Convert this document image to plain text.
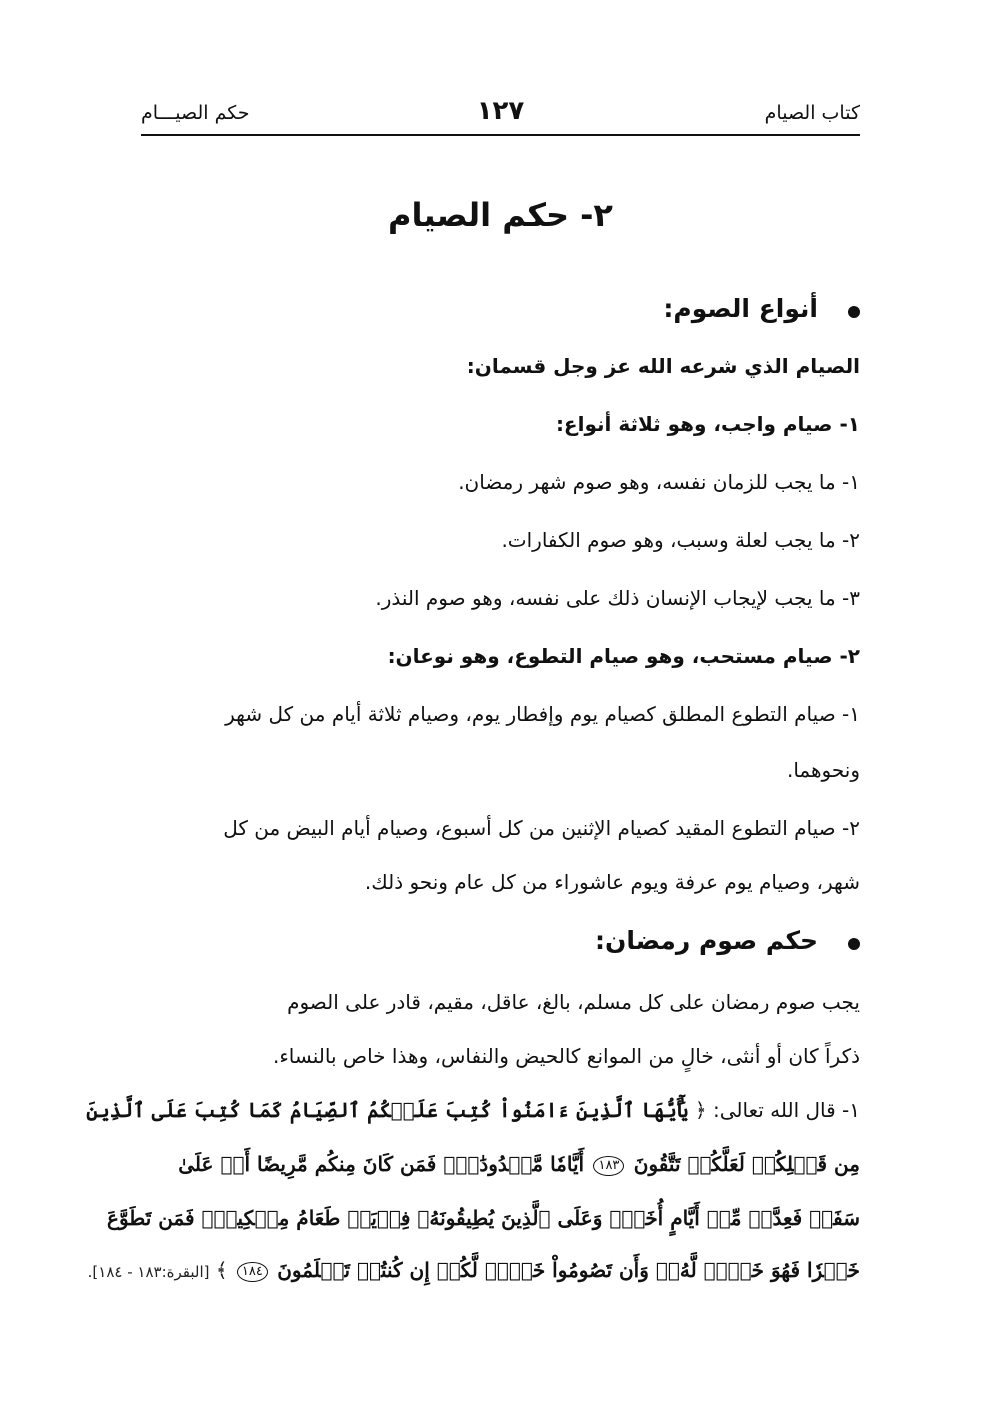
كتاب الصيام
١٢٧
حكم الصيـــام
٢- حكم الصيام
أنواع الصوم:
الصيام الذي شرعه الله عز وجل قسمان:
١- صيام واجب، وهو ثلاثة أنواع:
١- ما يجب للزمان نفسه، وهو صوم شهر رمضان.
٢- ما يجب لعلة وسبب، وهو صوم الكفارات.
٣- ما يجب لإيجاب الإنسان ذلك على نفسه، وهو صوم النذر.
٢- صيام مستحب، وهو صيام التطوع، وهو نوعان:
١- صيام التطوع المطلق كصيام يوم وإفطار يوم، وصيام ثلاثة أيام من كل شهر
ونحوهما.
٢- صيام التطوع المقيد كصيام الإثنين من كل أسبوع، وصيام أيام البيض من كل
شهر، وصيام يوم عرفة ويوم عاشوراء من كل عام ونحو ذلك.
حكم صوم رمضان:
يجب صوم رمضان على كل مسلم، بالغ، عاقل، مقيم، قادر على الصوم
ذكراً كان أو أنثى، خالٍ من الموانع كالحيض والنفاس، وهذا خاص بالنساء.
١- قال الله تعالى: ﴿ يَٰٓأَيُّهَا ٱلَّذِينَ ءَامَنُواْ كُتِبَ عَلَيۡكُمُ ٱلصِّيَامُ كَمَا كُتِبَ عَلَى ٱلَّذِينَ
مِن قَبۡلِكُمۡ لَعَلَّكُمۡ تَتَّقُونَ ١٨٣ أَيَّامٗا مَّعۡدُودَٰتٖۚ فَمَن كَانَ مِنكُم مَّرِيضًا أَوۡ عَلَىٰ
سَفَرٖ فَعِدَّةٞ مِّنۡ أَيَّامٍ أُخَرَۚ وَعَلَى ٱلَّذِينَ يُطِيقُونَهُۥ فِدۡيَةٞ طَعَامُ مِسۡكِينٖۖ فَمَن تَطَوَّعَ
خَيۡرٗا فَهُوَ خَيۡرٞ لَّهُۥۚ وَأَن تَصُومُواْ خَيۡرٞ لَّكُمۡ إِن كُنتُمۡ تَعۡلَمُونَ ١٨٤ ﴾ [البقرة:١٨٣ - ١٨٤].
